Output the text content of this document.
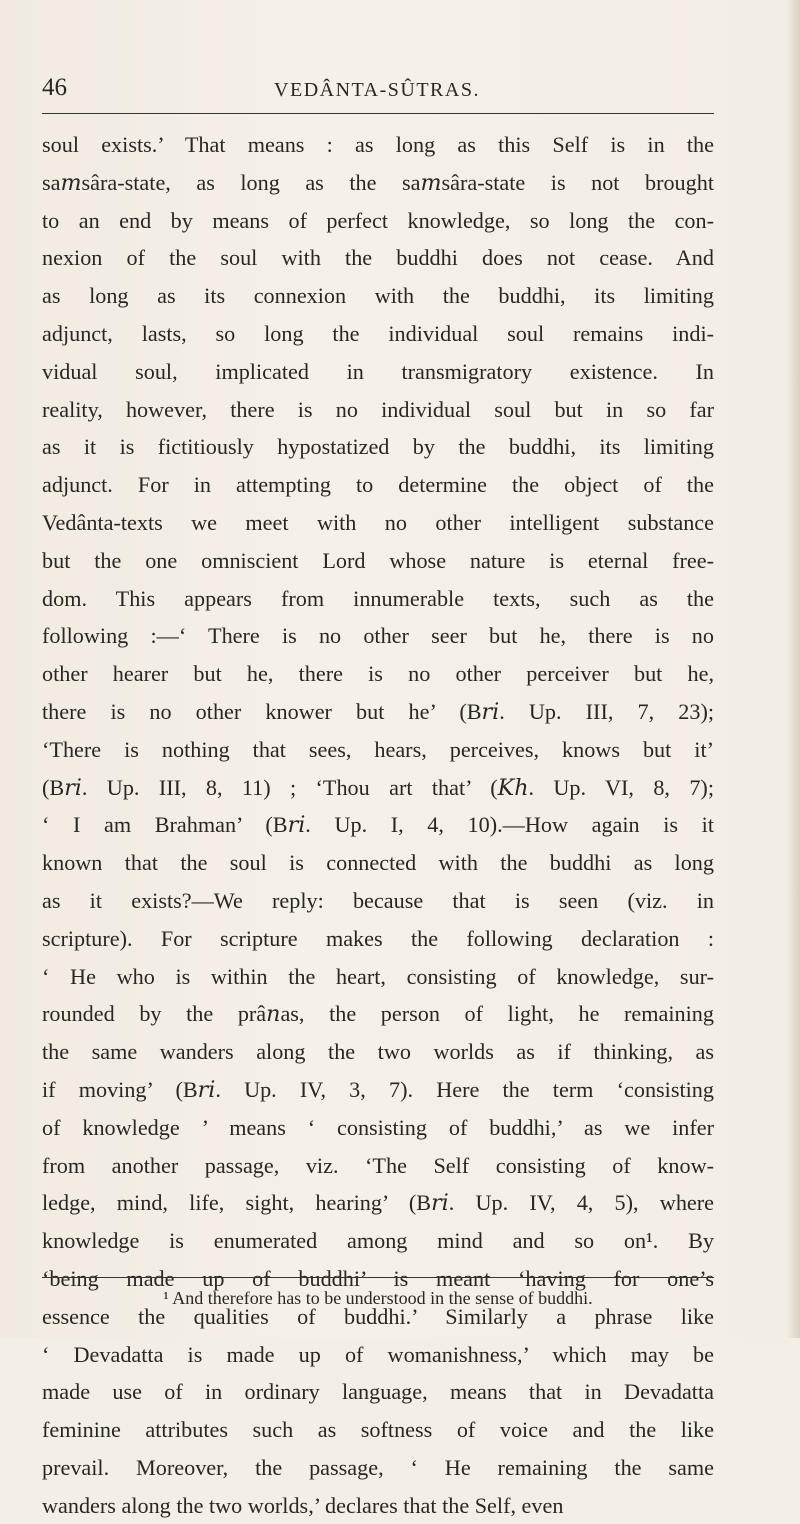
46	VEDÂNTA-SÛTRAS.
soul exists.’ That means : as long as this Self is in the
sa𝑚sâra-state, as long as the sa𝑚sâra-state is not brought
to an end by means of perfect knowledge, so long the con-
nexion of the soul with the buddhi does not cease. And
as long as its connexion with the buddhi, its limiting
adjunct, lasts, so long the individual soul remains indi-
vidual soul, implicated in transmigratory existence. In
reality, however, there is no individual soul but in so far
as it is fictitiously hypostatized by the buddhi, its limiting
adjunct. For in attempting to determine the object of the
Vedânta-texts we meet with no other intelligent substance
but the one omniscient Lord whose nature is eternal free-
dom. This appears from innumerable texts, such as the
following :—‘ There is no other seer but he, there is no
other hearer but he, there is no other perceiver but he,
there is no other knower but he’ (B𝑟𝑖. Up. III, 7, 23);
‘There is nothing that sees, hears, perceives, knows but it’
(B𝑟𝑖. Up. III, 8, 11) ; ‘Thou art that’ (𝐾ℎ. Up. VI, 8, 7);
‘ I am Brahman’ (B𝑟𝑖. Up. I, 4, 10).—How again is it
known that the soul is connected with the buddhi as long
as it exists?—We reply: because that is seen (viz. in
scripture). For scripture makes the following declaration :
‘ He who is within the heart, consisting of knowledge, sur-
rounded by the prâ𝑛as, the person of light, he remaining
the same wanders along the two worlds as if thinking, as
if moving’ (B𝑟𝑖. Up. IV, 3, 7). Here the term ‘consisting
of knowledge ’ means ‘ consisting of buddhi,’ as we infer
from another passage, viz. ‘The Self consisting of know-
ledge, mind, life, sight, hearing’ (B𝑟𝑖. Up. IV, 4, 5), where
knowledge is enumerated among mind and so on¹. By
‘being made up of buddhi’ is meant ‘having for one’s
essence the qualities of buddhi.’ Similarly a phrase like
‘ Devadatta is made up of womanishness,’ which may be
made use of in ordinary language, means that in Devadatta
feminine attributes such as softness of voice and the like
prevail. Moreover, the passage, ‘ He remaining the same
wanders along the two worlds,’ declares that the Self, even
¹ And therefore has to be understood in the sense of buddhi.
